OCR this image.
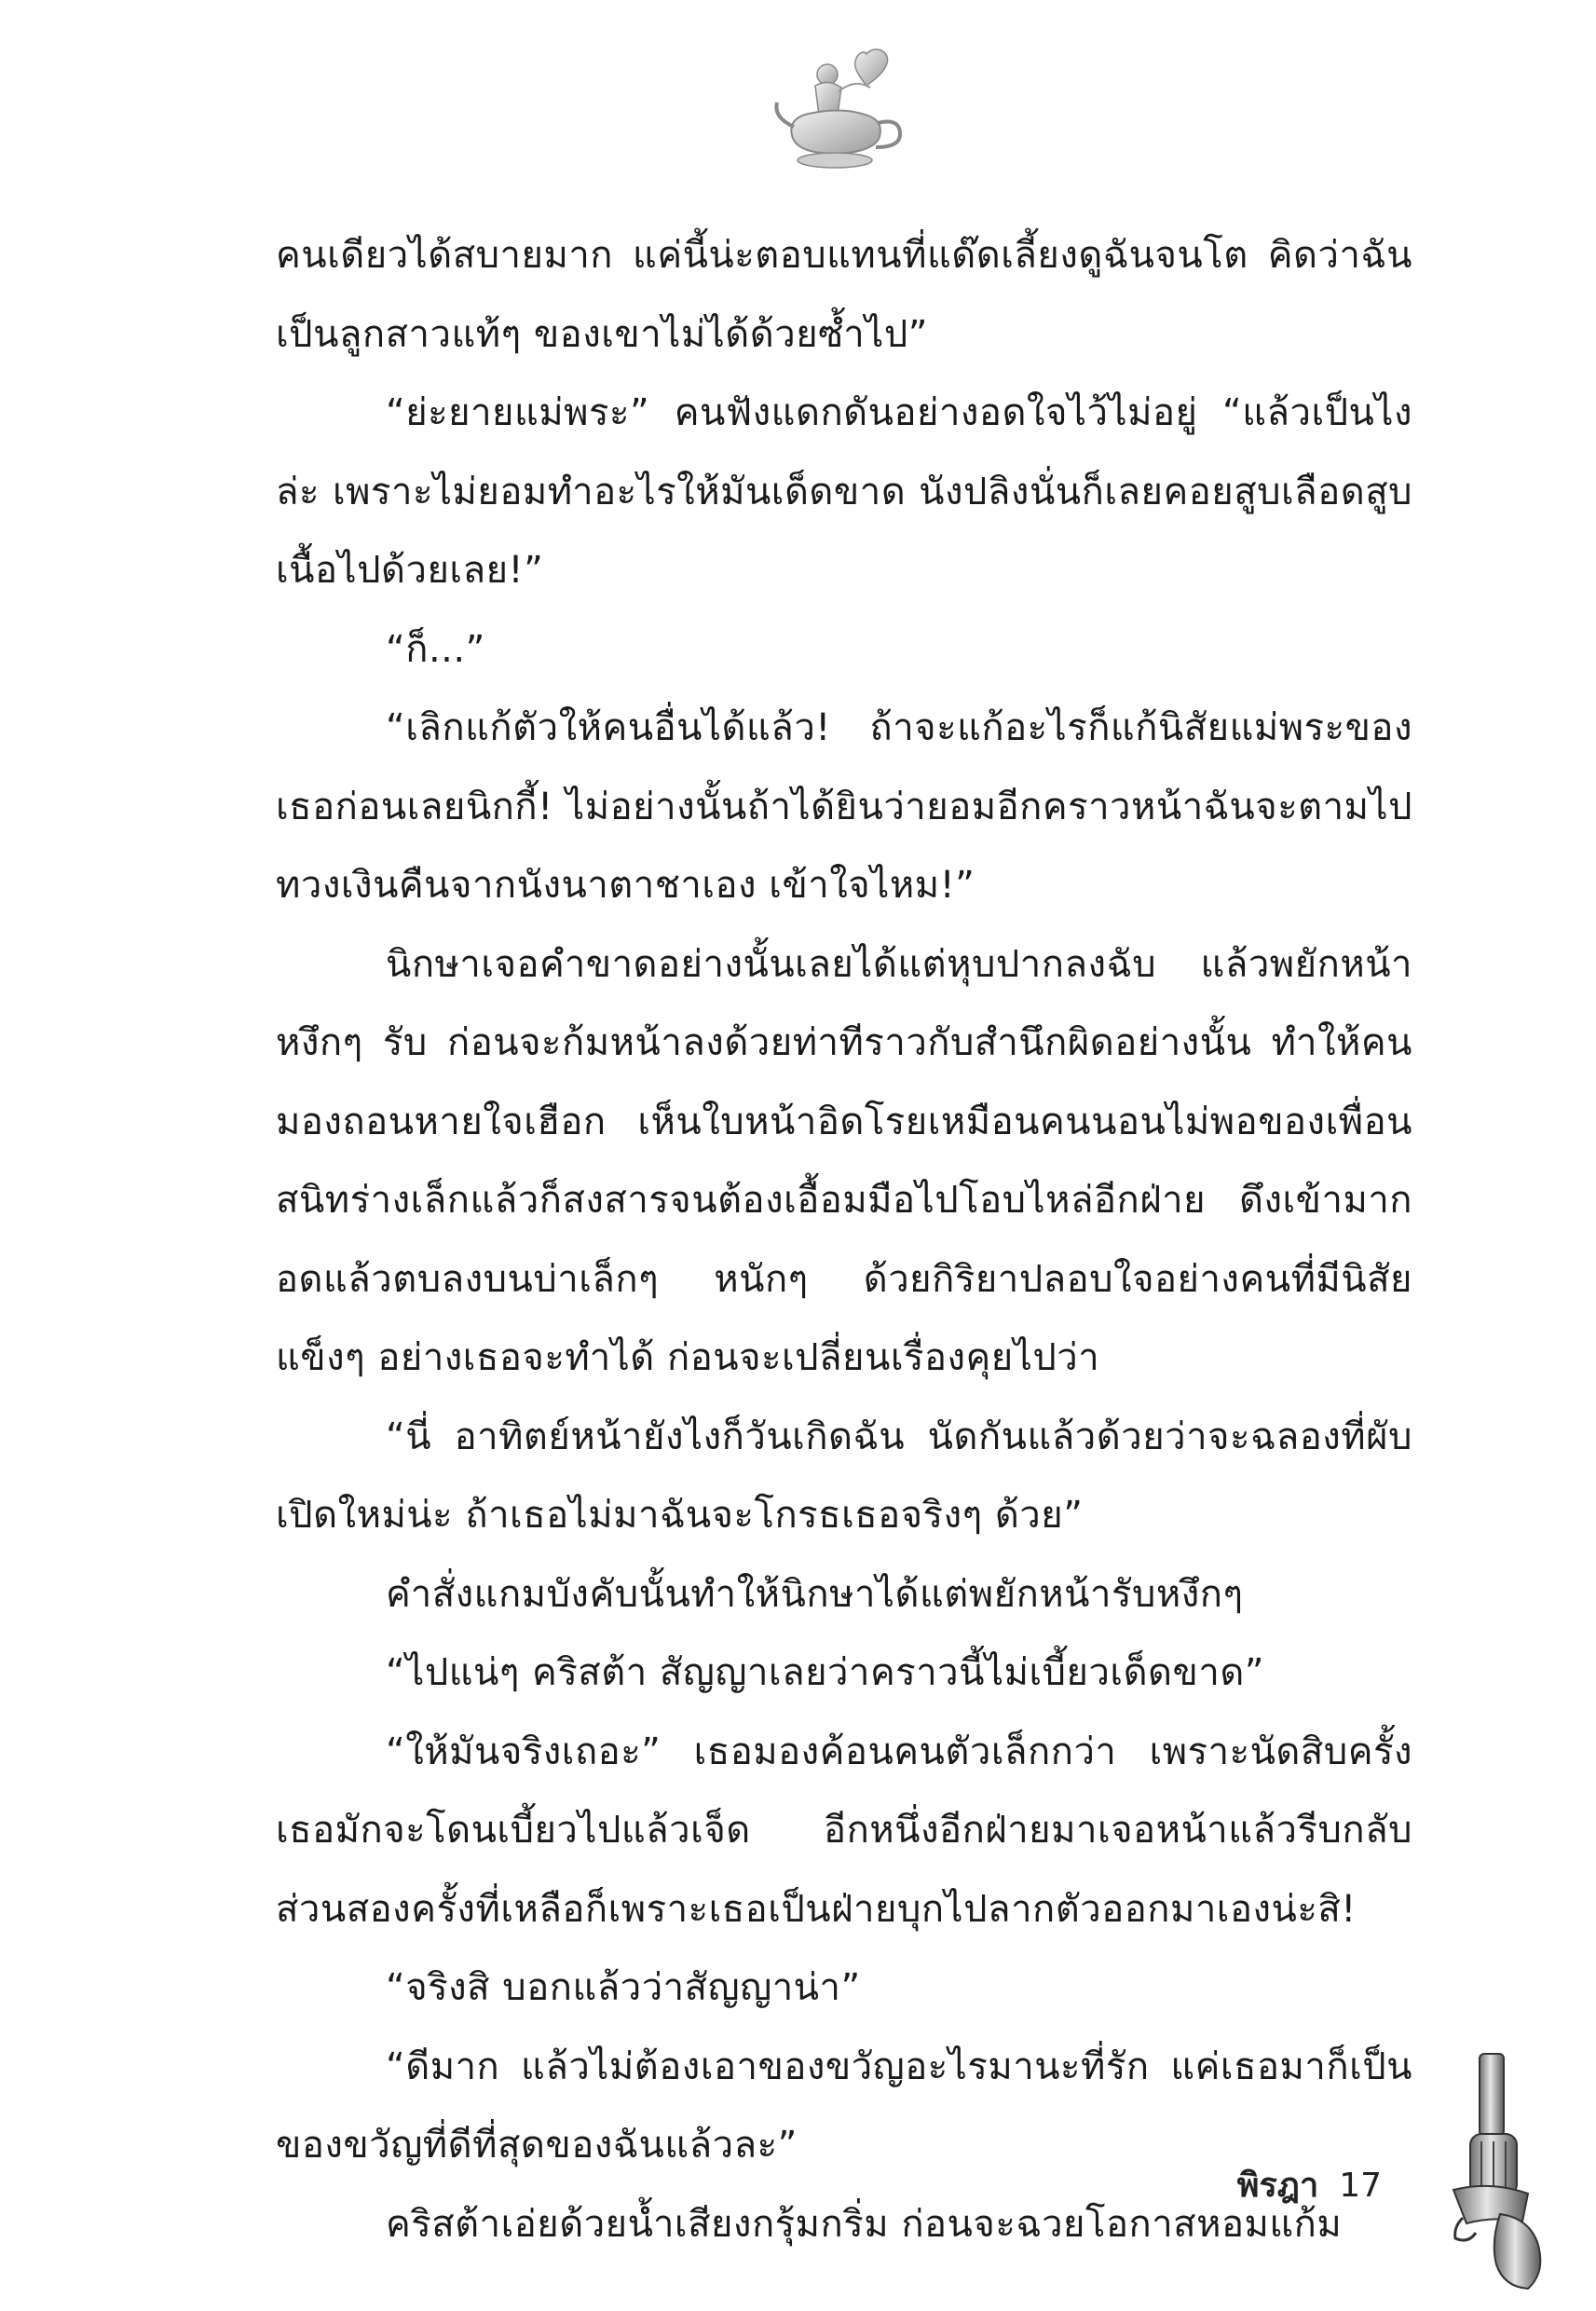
คนเดียวได้สบายมาก แค่นี้น่ะตอบแทนที่แด๊ดเลี้ยงดูฉันจนโต คิดว่าฉันเป็นลูกสาวแท้ๆ ของเขาไม่ได้ด้วยซ้ำไป”

“ย่ะยายแม่พระ” คนฟังแดกดันอย่างอดใจไว้ไม่อยู่ “แล้วเป็นไงล่ะ เพราะไม่ยอมทำอะไรให้มันเด็ดขาด นังปลิงนั่นก็เลยคอยสูบเลือดสูบเนื้อไปด้วยเลย!”

“ก็...”

“เลิกแก้ตัวให้คนอื่นได้แล้ว! ถ้าจะแก้อะไรก็แก้นิสัยแม่พระของเธอก่อนเลยนิกกี้! ไม่อย่างนั้นถ้าได้ยินว่ายอมอีกคราวหน้าฉันจะตามไปทวงเงินคืนจากนังนาตาชาเอง เข้าใจไหม!”

นิกษาเจอคำขาดอย่างนั้นเลยได้แต่หุบปากลงฉับ แล้วพยักหน้าหงึกๆ รับ ก่อนจะก้มหน้าลงด้วยท่าทีราวกับสำนึกผิดอย่างนั้น ทำให้คนมองถอนหายใจเฮือก เห็นใบหน้าอิดโรยเหมือนคนนอนไม่พอของเพื่อนสนิทร่างเล็กแล้วก็สงสารจนต้องเอื้อมมือไปโอบไหล่อีกฝ่าย ดึงเข้ามากอดแล้วตบลงบนบ่าเล็กๆ หนักๆ ด้วยกิริยาปลอบใจอย่างคนที่มีนิสัยแข็งๆ อย่างเธอจะทำได้ ก่อนจะเปลี่ยนเรื่องคุยไปว่า

“นี่ อาทิตย์หน้ายังไงก็วันเกิดฉัน นัดกันแล้วด้วยว่าจะฉลองที่ผับเปิดใหม่น่ะ ถ้าเธอไม่มาฉันจะโกรธเธอจริงๆ ด้วย”

คำสั่งแกมบังคับนั้นทำให้นิกษาได้แต่พยักหน้ารับหงึกๆ

“ไปแน่ๆ คริสต้า สัญญาเลยว่าคราวนี้ไม่เบี้ยวเด็ดขาด”

“ให้มันจริงเถอะ” เธอมองค้อนคนตัวเล็กกว่า เพราะนัดสิบครั้งเธอมักจะโดนเบี้ยวไปแล้วเจ็ด อีกหนึ่งอีกฝ่ายมาเจอหน้าแล้วรีบกลับส่วนสองครั้งที่เหลือก็เพราะเธอเป็นฝ่ายบุกไปลากตัวออกมาเองน่ะสิ!

“จริงสิ บอกแล้วว่าสัญญาน่า”

“ดีมาก แล้วไม่ต้องเอาของขวัญอะไรมานะที่รัก แค่เธอมาก็เป็นของขวัญที่ดีที่สุดของฉันแล้วละ”

คริสต้าเอ่ยด้วยน้ำเสียงกรุ้มกริ่ม ก่อนจะฉวยโอกาสหอมแก้ม

พิรฎา 17
